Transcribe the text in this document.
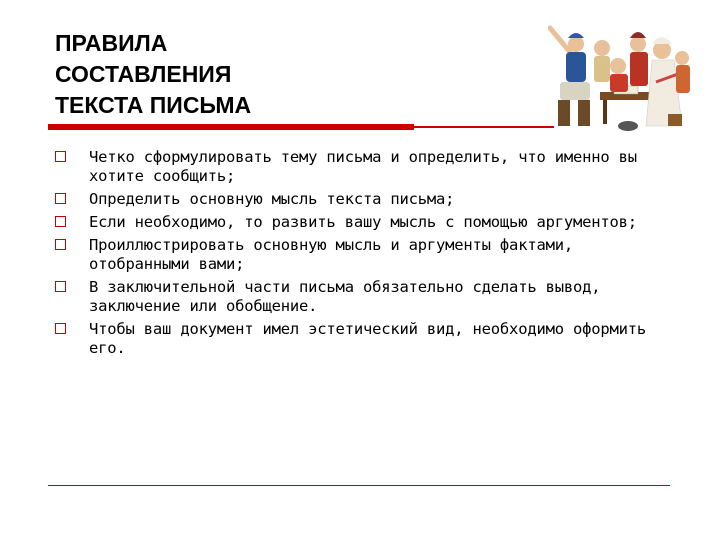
ПРАВИЛА
СОСТАВЛЕНИЯ
ТЕКСТА ПИСЬМА
Четко сформулировать тему письма и определить, что именно вы хотите сообщить;
Определить основную мысль текста письма;
Если необходимо, то развить вашу мысль с помощью аргументов;
Проиллюстрировать основную мысль и аргументы фактами, отобранными вами;
В заключительной части письма обязательно сделать вывод, заключение или обобщение.
Чтобы ваш документ имел эстетический вид, необходимо оформить его.
